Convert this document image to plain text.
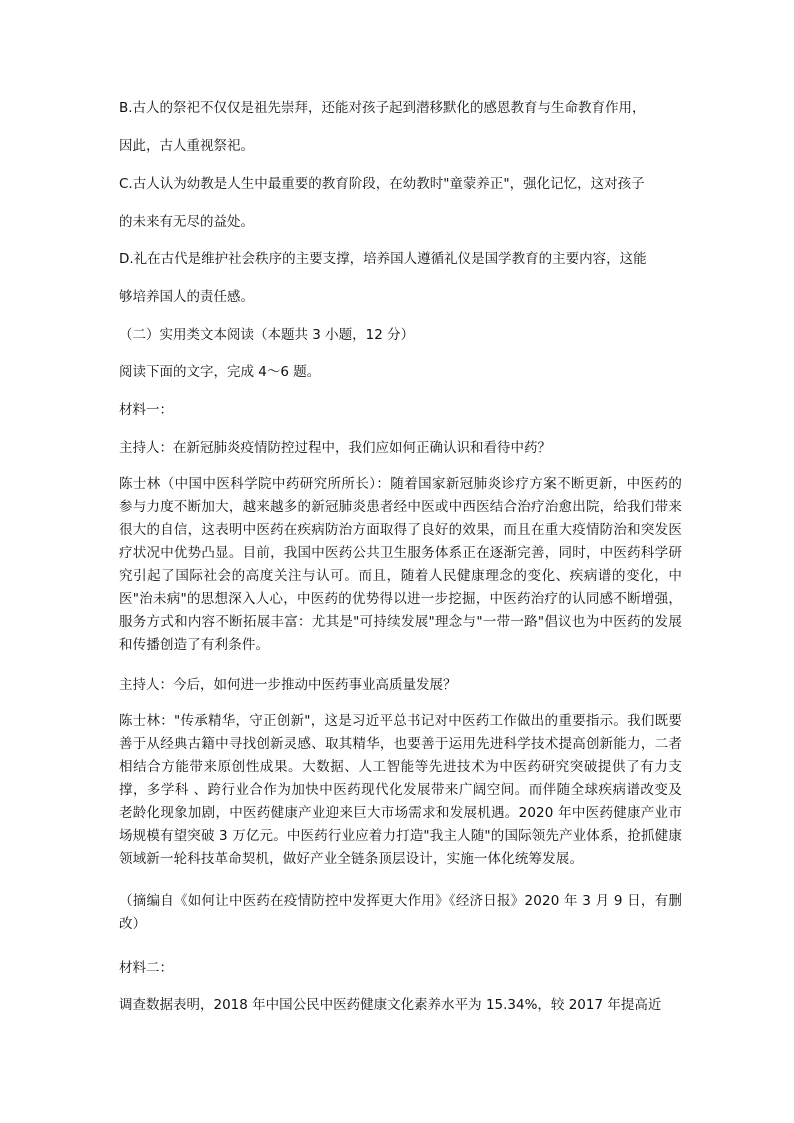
B.古人的祭祀不仅仅是祖先崇拜，还能对孩子起到潜移默化的感恩教育与生命教育作用，
因此，古人重视祭祀。
C.古人认为幼教是人生中最重要的教育阶段，在幼教时"童蒙养正"，强化记忆，这对孩子
的未来有无尽的益处。
D.礼在古代是维护社会秩序的主要支撑，培养国人遵循礼仪是国学教育的主要内容，这能
够培养国人的责任感。
（二）实用类文本阅读（本题共 3 小题，12 分）
阅读下面的文字，完成 4～6 题。
材料一：
主持人：在新冠肺炎疫情防控过程中，我们应如何正确认识和看待中药？
陈士林（中国中医科学院中药研究所所长）：随着国家新冠肺炎诊疗方案不断更新，中医药的参与力度不断加大，越来越多的新冠肺炎患者经中医或中西医结合治疗治愈出院，给我们带来很大的自信，这表明中医药在疾病防治方面取得了良好的效果，而且在重大疫情防治和突发医疗状况中优势凸显。目前，我国中医药公共卫生服务体系正在逐渐完善，同时，中医药科学研究引起了国际社会的高度关注与认可。而且，随着人民健康理念的变化、疾病谱的变化，中医"治未病"的思想深入人心，中医药的优势得以进一步挖掘，中医药治疗的认同感不断增强，服务方式和内容不断拓展丰富：尤其是"可持续发展"理念与"一带一路"倡议也为中医药的发展和传播创造了有利条件。
主持人：今后，如何进一步推动中医药事业高质量发展？
陈士林："传承精华，守正创新"，这是习近平总书记对中医药工作做出的重要指示。我们既要善于从经典古籍中寻找创新灵感、取其精华，也要善于运用先进科学技术提高创新能力，二者相结合方能带来原创性成果。大数据、人工智能等先进技术为中医药研究突破提供了有力支撑，多学科 、跨行业合作为加快中医药现代化发展带来广阔空间。而伴随全球疾病谱改变及老龄化现象加剧，中医药健康产业迎来巨大市场需求和发展机遇。2020 年中医药健康产业市场规模有望突破 3 万亿元。中医药行业应着力打造"我主人随"的国际领先产业体系，抢抓健康领域新一轮科技革命契机，做好产业全链条顶层设计，实施一体化统筹发展。
（摘编自《如何让中医药在疫情防控中发挥更大作用》《经济日报》2020 年 3 月 9 日，有删改）
材料二：
调查数据表明，2018 年中国公民中医药健康文化素养水平为 15.34%，较 2017 年提高近
